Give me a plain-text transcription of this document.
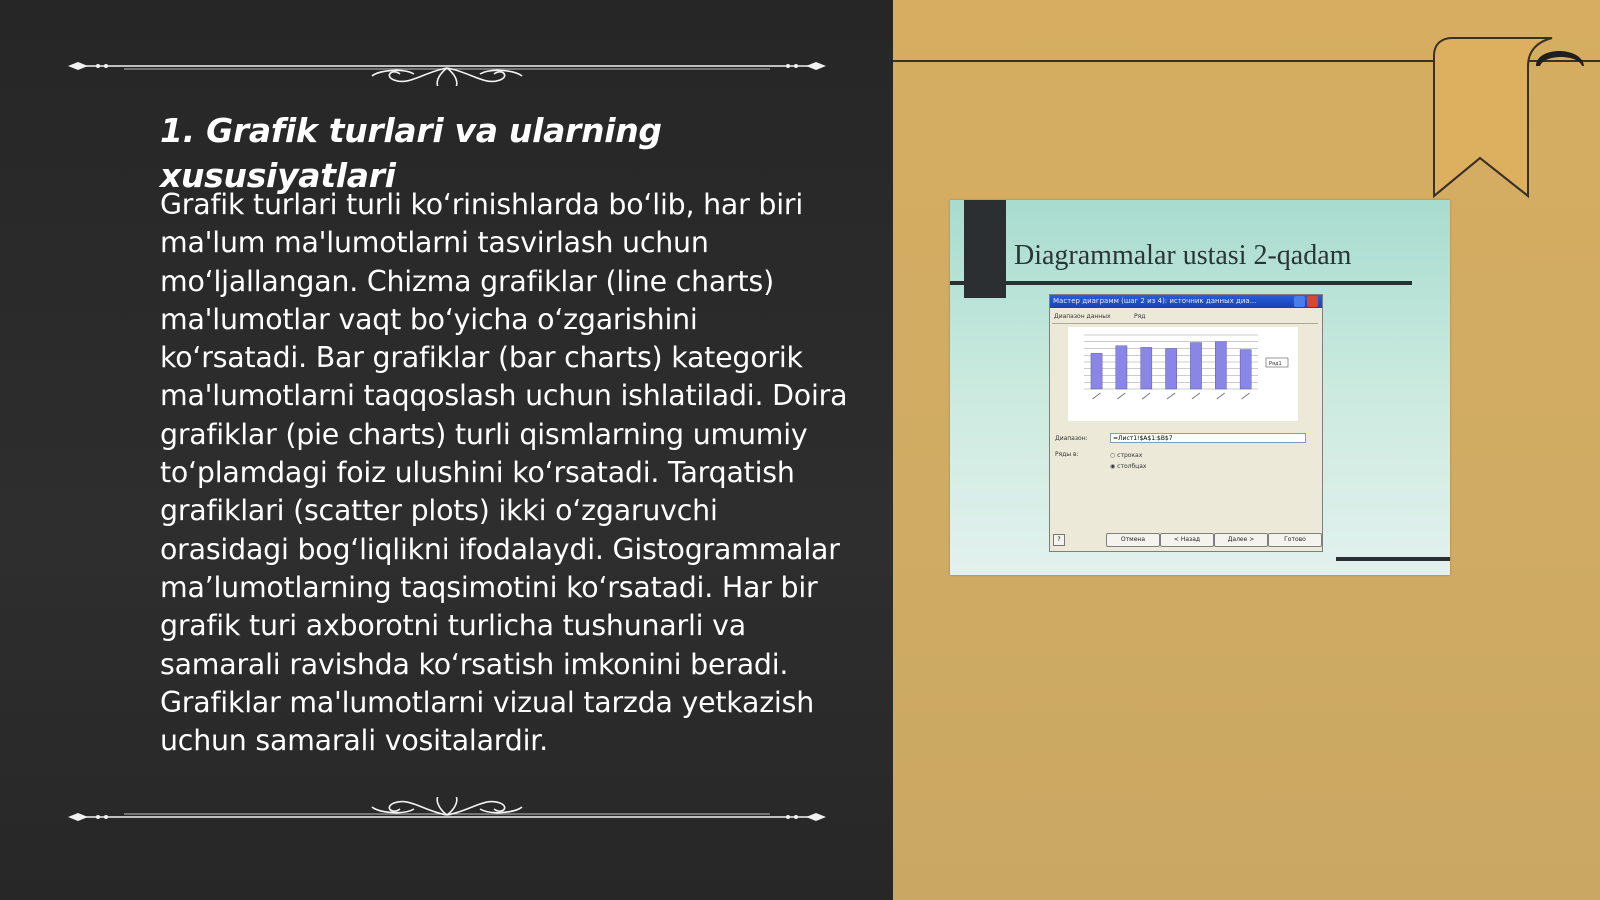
1. Grafik turlari va ularning xususiyatlari

Grafik turlari turli ko‘rinishlarda bo‘lib, har biri ma'lum ma'lumotlarni tasvirlash uchun mo‘ljallangan. Chizma grafiklar (line charts) ma'lumotlar vaqt bo‘yicha o‘zgarishini ko‘rsatadi. Bar grafiklar (bar charts) kategorik ma'lumotlarni taqqoslash uchun ishlatiladi. Doira grafiklar (pie charts) turli qismlarning umumiy to‘plamdagi foiz ulushini ko‘rsatadi. Tarqatish grafiklari (scatter plots) ikki o‘zgaruvchi orasidagi bog‘liqlikni ifodalaydi. Gistogrammalar ma’lumotlarning taqsimotini ko‘rsatadi. Har bir grafik turi axborotni turlicha tushunarli va samarali ravishda ko‘rsatish imkonini beradi. Grafiklar ma'lumotlarni vizual tarzda yetkazish uchun samarali vositalardir.

Diagrammalar ustasi 2-qadam
Мастер диаграмм (шаг 2 из 4): источник данных диа...
Диапазон данных	Ряд
Ряд1
Диапазон:	=Лист1!$A$1:$B$7
Ряды в:	○ строках
◉ столбцах
?	Отмена	< Назад	Далее >	Готово
